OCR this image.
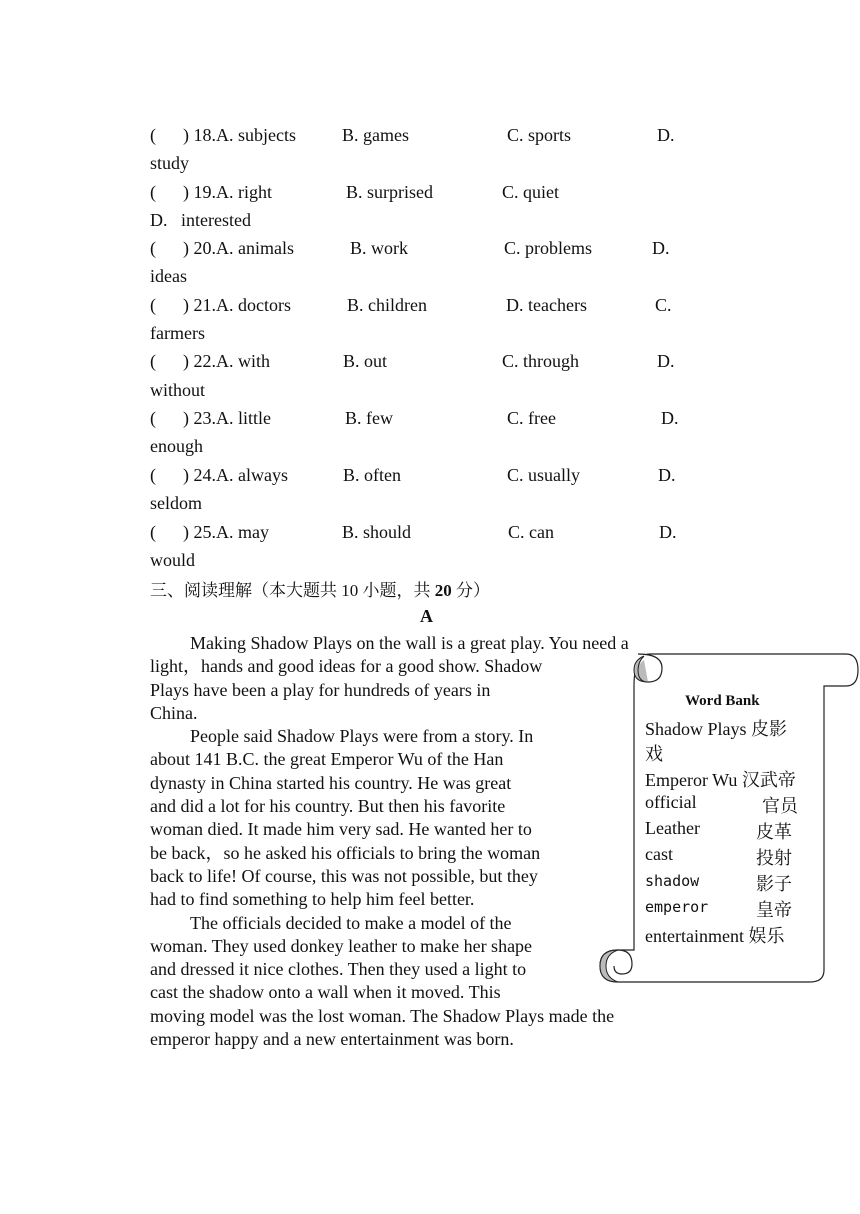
(      ) 18.A. subjects	B. games	C. sports	D.
study
(      ) 19.A. right	B. surprised	C. quiet
D. interested
(      ) 20.A. animals	B. work	C. problems	D.
ideas
(      ) 21.A. doctors	B. children	D. teachers	C.
farmers
(      ) 22.A. with	B. out	C. through	D.
without
(      ) 23.A. little	B. few	C. free	D.
enough
(      ) 24.A. always	B. often	C. usually	D.
seldom
(      ) 25.A. may	B. should	C. can	D.
would
三、阅读理解（本大题共 10 小题，共 20 分）
A
Making Shadow Plays on the wall is a great play. You need a
light，hands and good ideas for a good show. Shadow
Plays have been a play for hundreds of years in
China.
People said Shadow Plays were from a story. In
about 141 B.C. the great Emperor Wu of the Han
dynasty in China started his country. He was great
and did a lot for his country. But then his favorite
woman died. It made him very sad. He wanted her to
be back，so he asked his officials to bring the woman
back to life! Of course, this was not possible, but they
had to find something to help him feel better.
The officials decided to make a model of the
woman. They used donkey leather to make her shape
and dressed it nice clothes. Then they used a light to
cast the shadow onto a wall when it moved. This
moving model was the lost woman. The Shadow Plays made the
emperor happy and a new entertainment was born.
Word Bank
Shadow Plays 皮影
戏
Emperor Wu 汉武帝
official	官员
Leather	皮革
cast	投射
shadow	影子
emperor	皇帝
entertainment 娱乐
